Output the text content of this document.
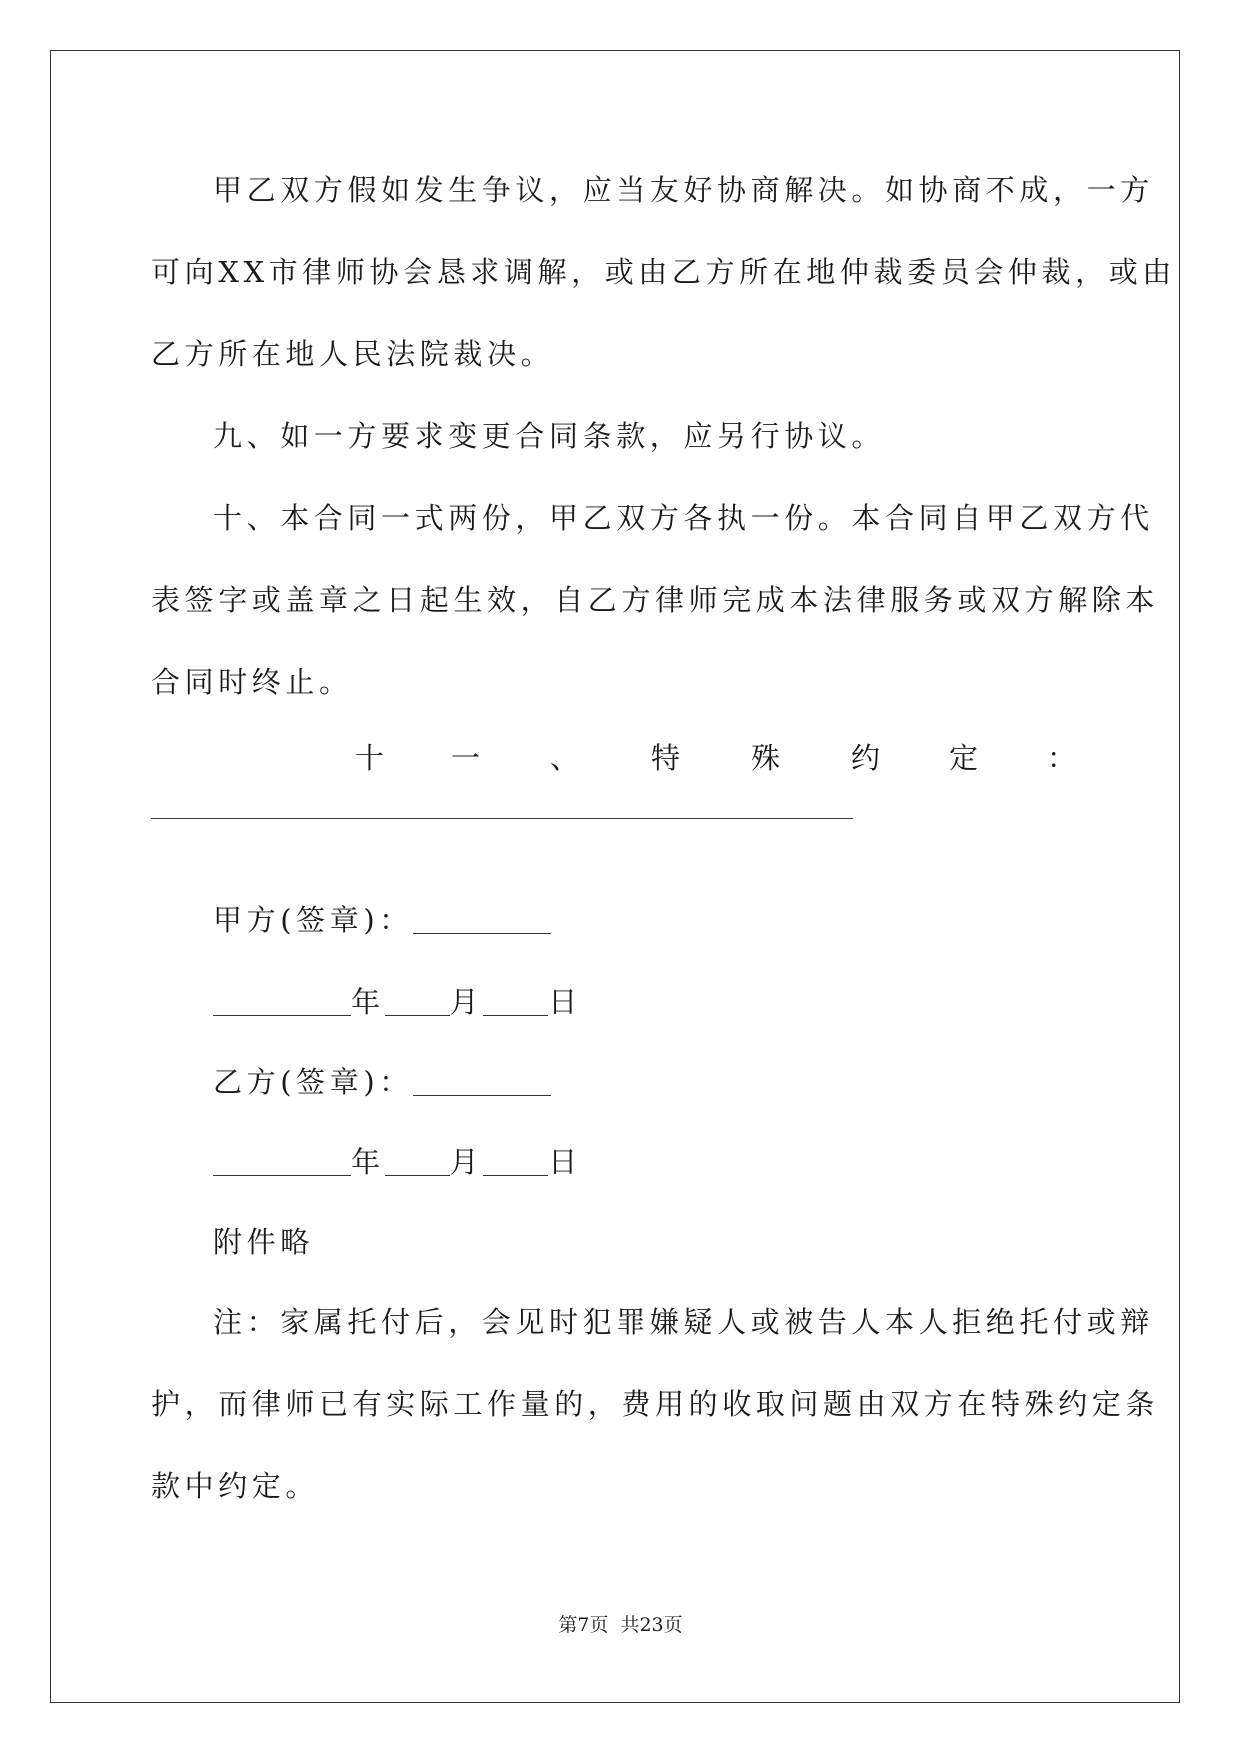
甲乙双方假如发生争议，应当友好协商解决。如协商不成，一方
可向XX市律师协会恳求调解，或由乙方所在地仲裁委员会仲裁，或由
乙方所在地人民法院裁决。
九、如一方要求变更合同条款，应另行协议。
十、本合同一式两份，甲乙双方各执一份。本合同自甲乙双方代
表签字或盖章之日起生效，自乙方律师完成本法律服务或双方解除本
合同时终止。
十 一 、 特 殊 约 定 ：
甲方(签章)：
年 月 日
乙方(签章)：
年 月 日
附件略
注：家属托付后，会见时犯罪嫌疑人或被告人本人拒绝托付或辩
护，而律师已有实际工作量的，费用的收取问题由双方在特殊约定条
款中约定。
第7页 共23页
